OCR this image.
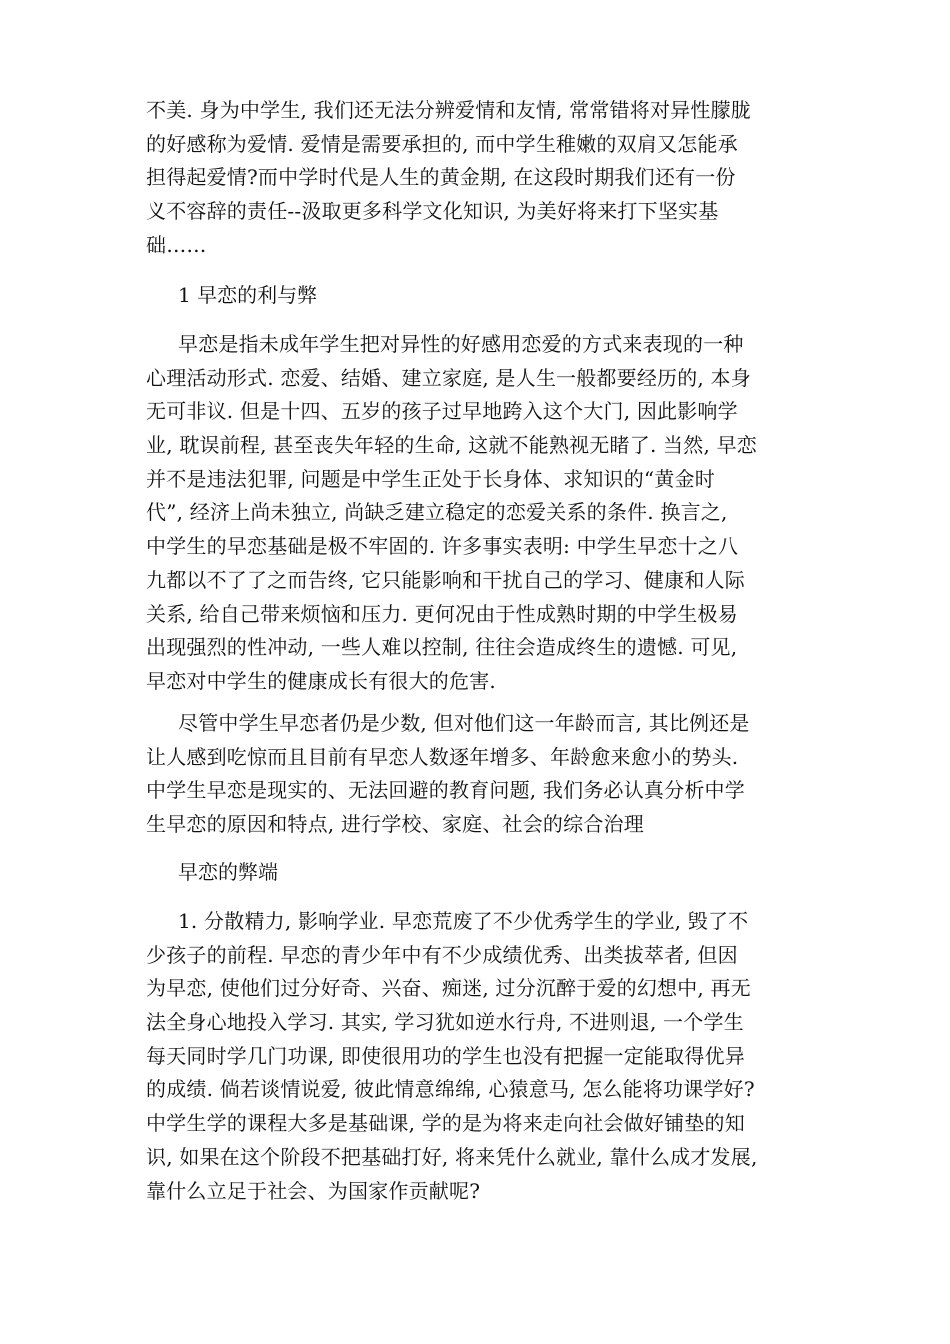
不美. 身为中学生, 我们还无法分辨爱情和友情, 常常错将对异性朦胧
的好感称为爱情. 爱情是需要承担的, 而中学生稚嫩的双肩又怎能承
担得起爱情?而中学时代是人生的黄金期, 在这段时期我们还有一份
义不容辞的责任--汲取更多科学文化知识, 为美好将来打下坚实基
础……
1 早恋的利与弊
早恋是指未成年学生把对异性的好感用恋爱的方式来表现的一种
心理活动形式. 恋爱、结婚、建立家庭, 是人生一般都要经历的, 本身
无可非议. 但是十四、五岁的孩子过早地跨入这个大门, 因此影响学
业, 耽误前程, 甚至丧失年轻的生命, 这就不能熟视无睹了. 当然, 早恋
并不是违法犯罪, 问题是中学生正处于长身体、求知识的“黄金时
代”, 经济上尚未独立, 尚缺乏建立稳定的恋爱关系的条件. 换言之,
中学生的早恋基础是极不牢固的. 许多事实表明: 中学生早恋十之八
九都以不了了之而告终, 它只能影响和干扰自己的学习、健康和人际
关系, 给自己带来烦恼和压力. 更何况由于性成熟时期的中学生极易
出现强烈的性冲动, 一些人难以控制, 往往会造成终生的遗憾. 可见,
早恋对中学生的健康成长有很大的危害.
尽管中学生早恋者仍是少数, 但对他们这一年龄而言, 其比例还是
让人感到吃惊而且目前有早恋人数逐年增多、年龄愈来愈小的势头.
中学生早恋是现实的、无法回避的教育问题, 我们务必认真分析中学
生早恋的原因和特点, 进行学校、家庭、社会的综合治理
早恋的弊端
1. 分散精力, 影响学业. 早恋荒废了不少优秀学生的学业, 毁了不
少孩子的前程. 早恋的青少年中有不少成绩优秀、出类拔萃者, 但因
为早恋, 使他们过分好奇、兴奋、痴迷, 过分沉醉于爱的幻想中, 再无
法全身心地投入学习. 其实, 学习犹如逆水行舟, 不进则退, 一个学生
每天同时学几门功课, 即使很用功的学生也没有把握一定能取得优异
的成绩. 倘若谈情说爱, 彼此情意绵绵, 心猿意马, 怎么能将功课学好?
中学生学的课程大多是基础课, 学的是为将来走向社会做好铺垫的知
识, 如果在这个阶段不把基础打好, 将来凭什么就业, 靠什么成才发展,
靠什么立足于社会、为国家作贡献呢?
